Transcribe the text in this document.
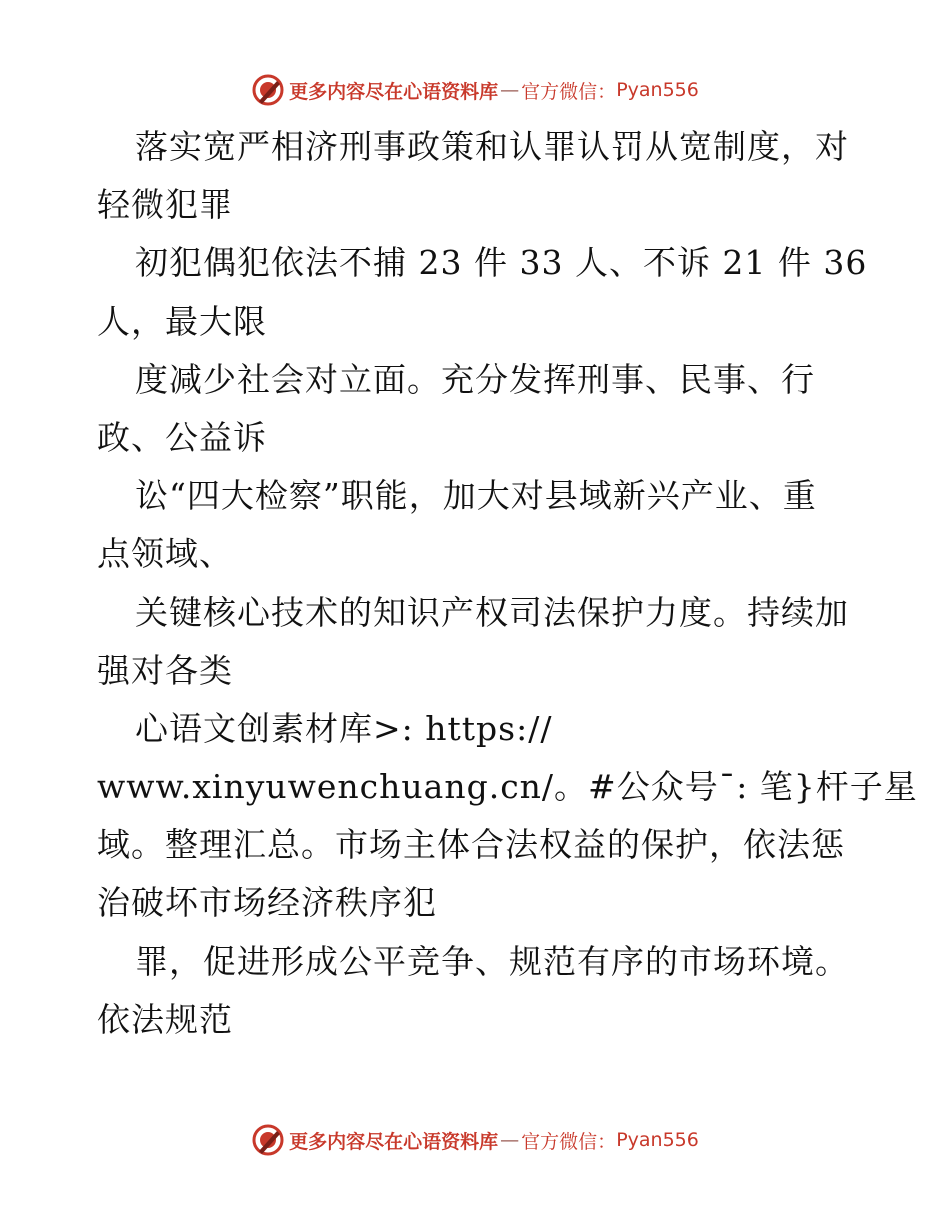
更多内容尽在心语资料库 — 官方微信： Pyan556
落实宽严相济刑事政策和认罪认罚从宽制度，对
轻微犯罪
初犯偶犯依法不捕 23 件 33 人、不诉 21 件 36
人，最大限
度减少社会对立面。充分发挥刑事、民事、行
政、公益诉
讼“四大检察”职能，加大对县域新兴产业、重
点领域、
关键核心技术的知识产权司法保护力度。持续加
强对各类
心语文创素材库>: https://
www.xinyuwenchuang.cn/。#公众号¯: 笔}杆子星
域。整理汇总。市场主体合法权益的保护，依法惩
治破坏市场经济秩序犯
罪，促进形成公平竞争、规范有序的市场环境。
依法规范
更多内容尽在心语资料库 — 官方微信： Pyan556
